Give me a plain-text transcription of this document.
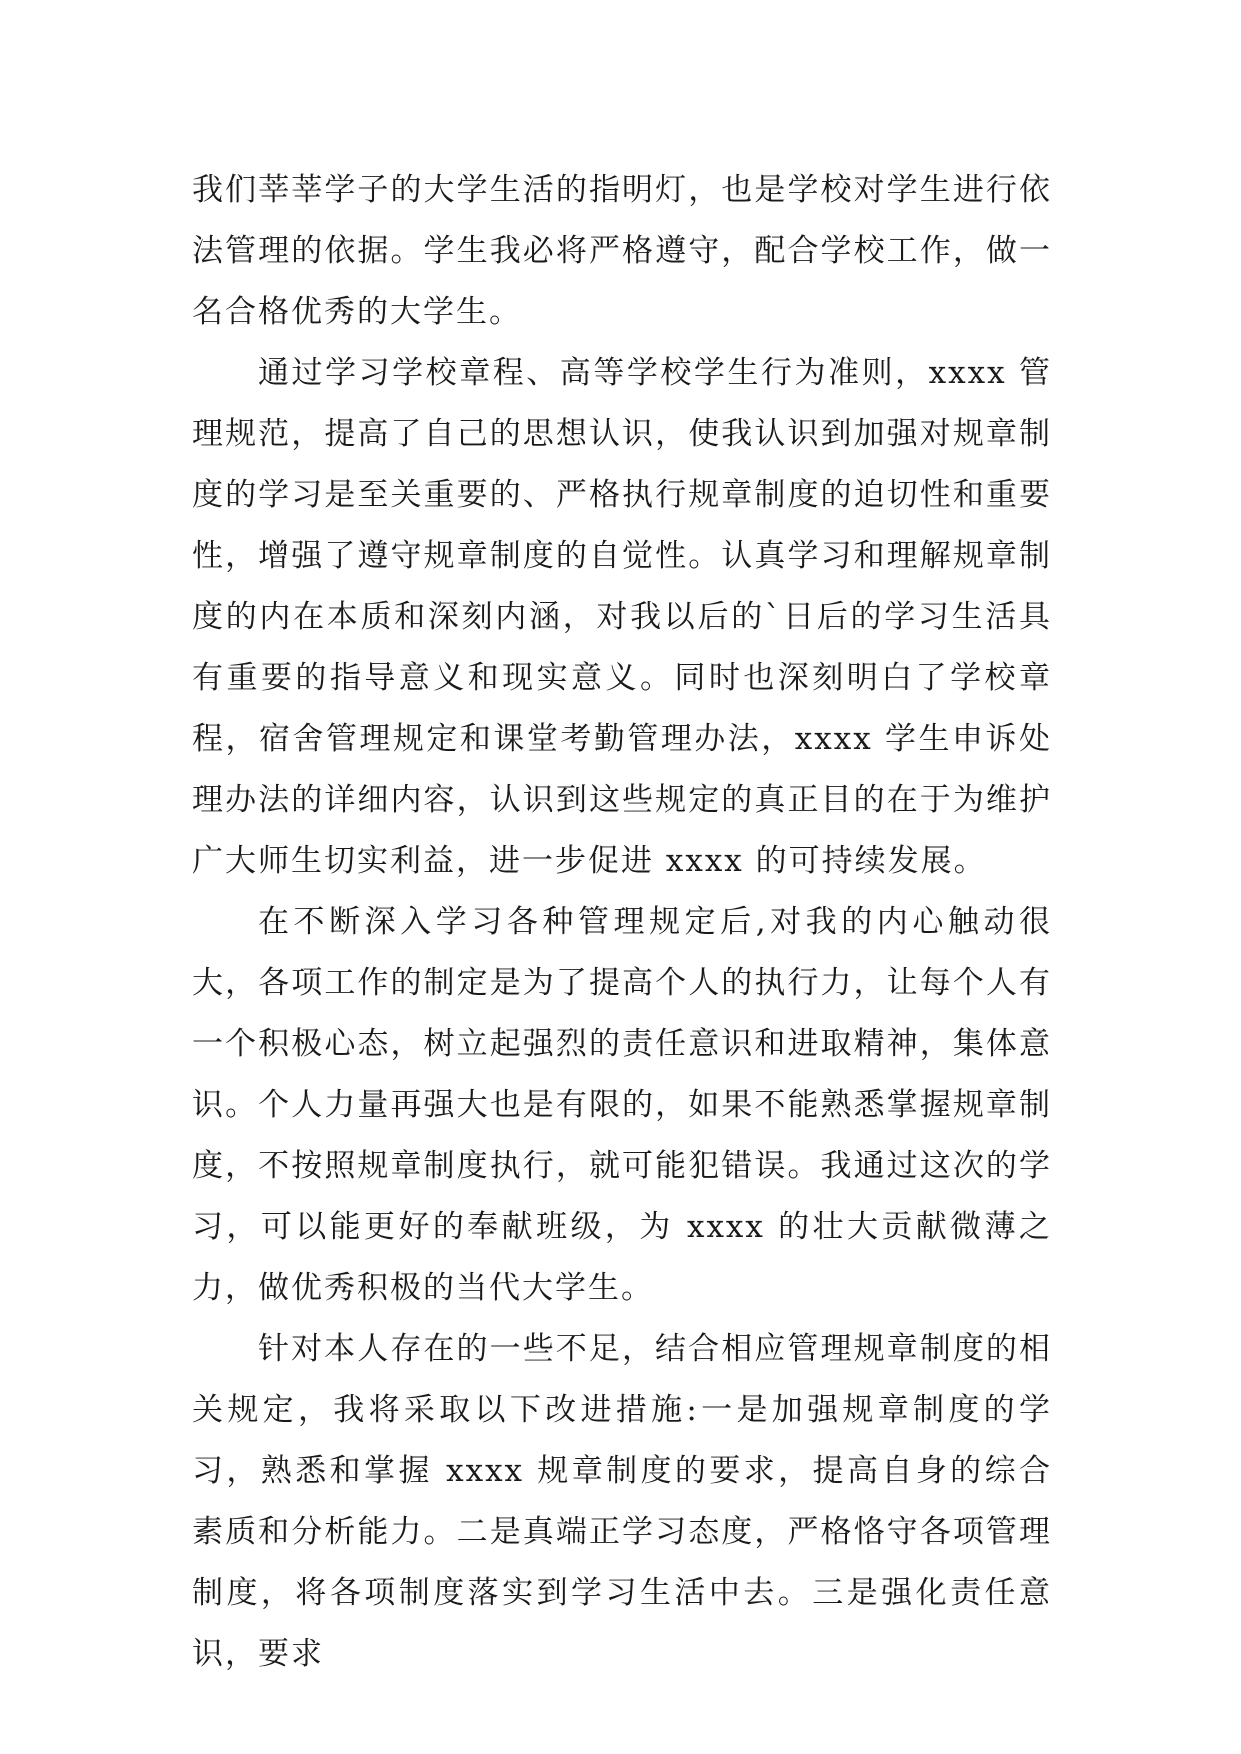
我们莘莘学子的大学生活的指明灯，也是学校对学生进行依法管理的依据。学生我必将严格遵守，配合学校工作，做一名合格优秀的大学生。

通过学习学校章程、高等学校学生行为准则，xxxx 管理规范，提高了自己的思想认识，使我认识到加强对规章制度的学习是至关重要的、严格执行规章制度的迫切性和重要性，增强了遵守规章制度的自觉性。认真学习和理解规章制度的内在本质和深刻内涵，对我以后的`日后的学习生活具有重要的指导意义和现实意义。同时也深刻明白了学校章程，宿舍管理规定和课堂考勤管理办法，xxxx 学生申诉处理办法的详细内容，认识到这些规定的真正目的在于为维护广大师生切实利益，进一步促进 xxxx 的可持续发展。

在不断深入学习各种管理规定后,对我的内心触动很大，各项工作的制定是为了提高个人的执行力，让每个人有一个积极心态，树立起强烈的责任意识和进取精神，集体意识。个人力量再强大也是有限的，如果不能熟悉掌握规章制度，不按照规章制度执行，就可能犯错误。我通过这次的学习，可以能更好的奉献班级，为 xxxx 的壮大贡献微薄之力，做优秀积极的当代大学生。

针对本人存在的一些不足，结合相应管理规章制度的相关规定，我将采取以下改进措施:一是加强规章制度的学习，熟悉和掌握 xxxx 规章制度的要求，提高自身的综合素质和分析能力。二是真端正学习态度，严格恪守各项管理制度，将各项制度落实到学习生活中去。三是强化责任意识，要求
